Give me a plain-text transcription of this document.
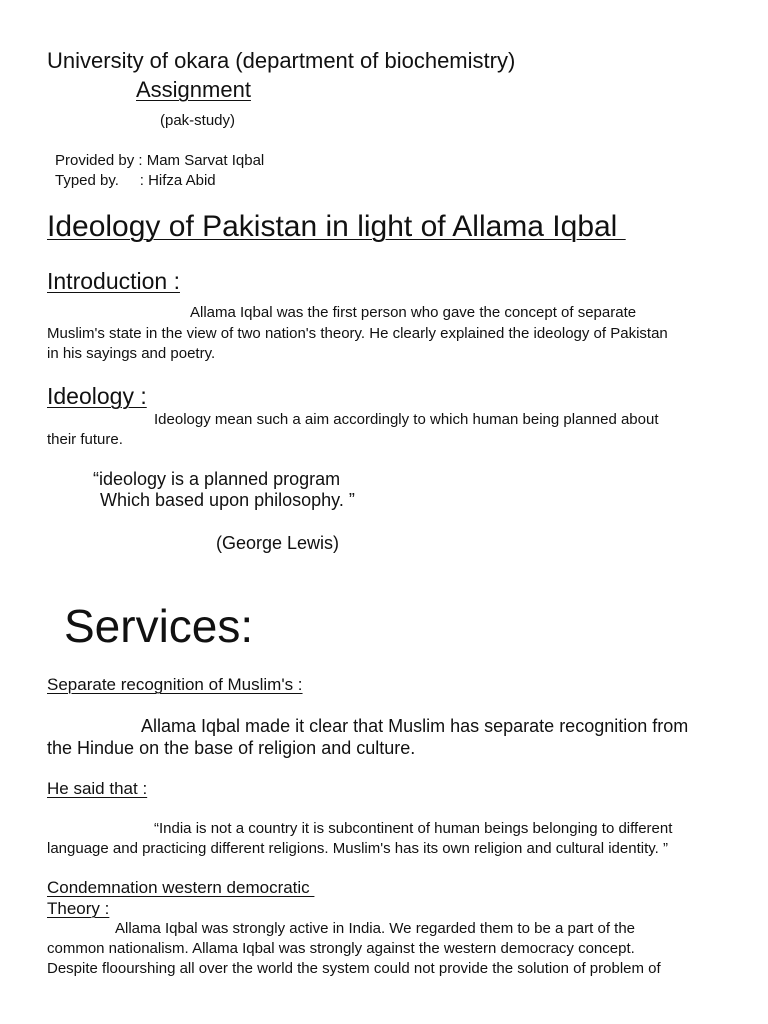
University of okara (department of biochemistry)
Assignment
(pak-study)
Provided by : Mam Sarvat Iqbal
Typed by.     : Hifza Abid
Ideology of Pakistan in light of Allama Iqbal
Introduction :
Allama Iqbal was the first person who gave the concept of separate
Muslim's state in the view of two nation's theory. He clearly explained the ideology of Pakistan
in his sayings and poetry.
Ideology :
Ideology mean such a aim accordingly to which human being planned about
their future.
“ideology is a planned program
Which based upon philosophy. ”
(George Lewis)
Services:
Separate recognition of Muslim's :
Allama Iqbal made it clear that Muslim has separate recognition from
the Hindue on the base of religion and culture.
He said that :
“India is not a country it is subcontinent of human beings belonging to different
language and practicing different religions. Muslim's has its own religion and cultural identity. ”
Condemnation western democratic
Theory :
Allama Iqbal was strongly active in India. We regarded them to be a part of the
common nationalism. Allama Iqbal was strongly against the western democracy concept.
Despite floourshing all over the world the system could not provide the solution of problem of
